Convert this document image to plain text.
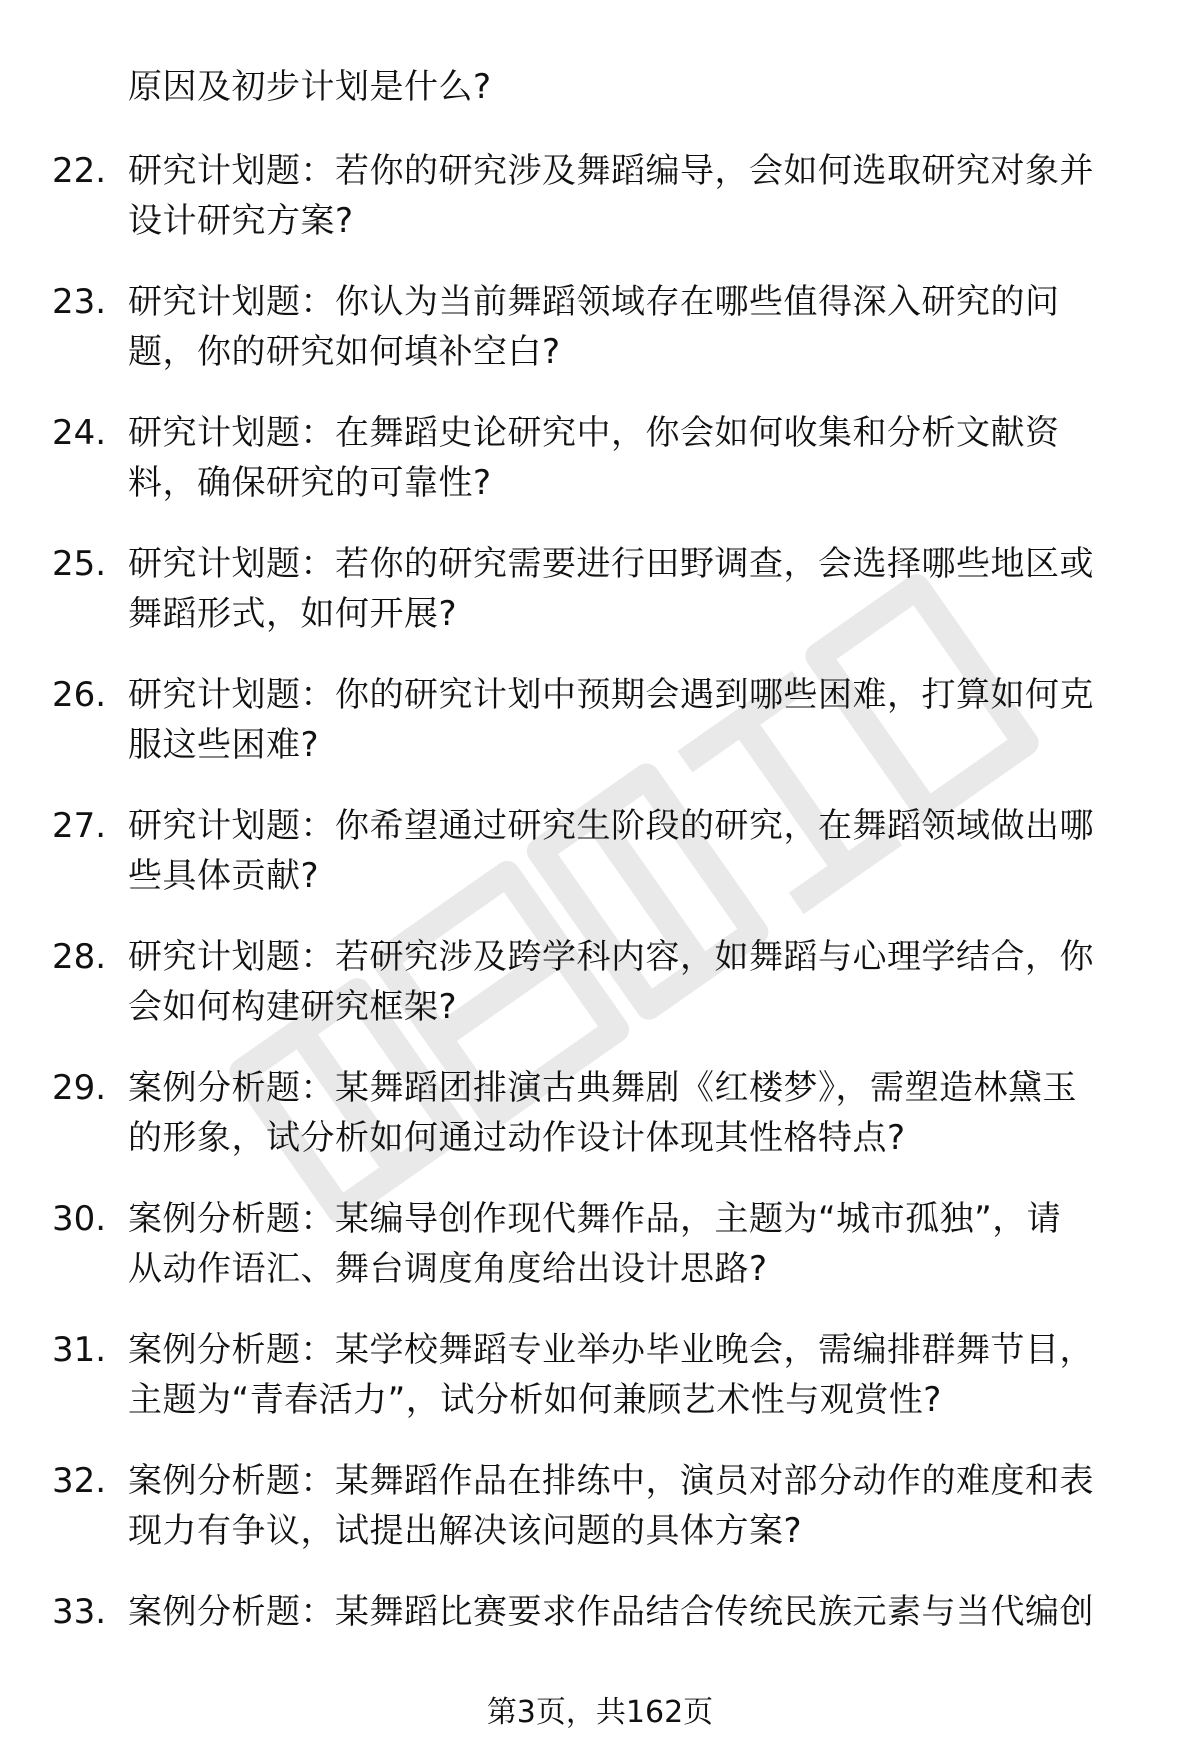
原因及初步计划是什么?
22. 研究计划题：若你的研究涉及舞蹈编导，会如何选取研究对象并
设计研究方案?
23. 研究计划题：你认为当前舞蹈领域存在哪些值得深入研究的问
题，你的研究如何填补空白?
24. 研究计划题：在舞蹈史论研究中，你会如何收集和分析文献资
料，确保研究的可靠性?
25. 研究计划题：若你的研究需要进行田野调查，会选择哪些地区或
舞蹈形式，如何开展?
26. 研究计划题：你的研究计划中预期会遇到哪些困难，打算如何克
服这些困难?
27. 研究计划题：你希望通过研究生阶段的研究，在舞蹈领域做出哪
些具体贡献?
28. 研究计划题：若研究涉及跨学科内容，如舞蹈与心理学结合，你
会如何构建研究框架?
29. 案例分析题：某舞蹈团排演古典舞剧《红楼梦》，需塑造林黛玉
的形象，试分析如何通过动作设计体现其性格特点?
30. 案例分析题：某编导创作现代舞作品，主题为“城市孤独”，请
从动作语汇、舞台调度角度给出设计思路?
31. 案例分析题：某学校舞蹈专业举办毕业晚会，需编排群舞节目，
主题为“青春活力”，试分析如何兼顾艺术性与观赏性?
32. 案例分析题：某舞蹈作品在排练中，演员对部分动作的难度和表
现力有争议，试提出解决该问题的具体方案?
33. 案例分析题：某舞蹈比赛要求作品结合传统民族元素与当代编创
第3页，共162页
